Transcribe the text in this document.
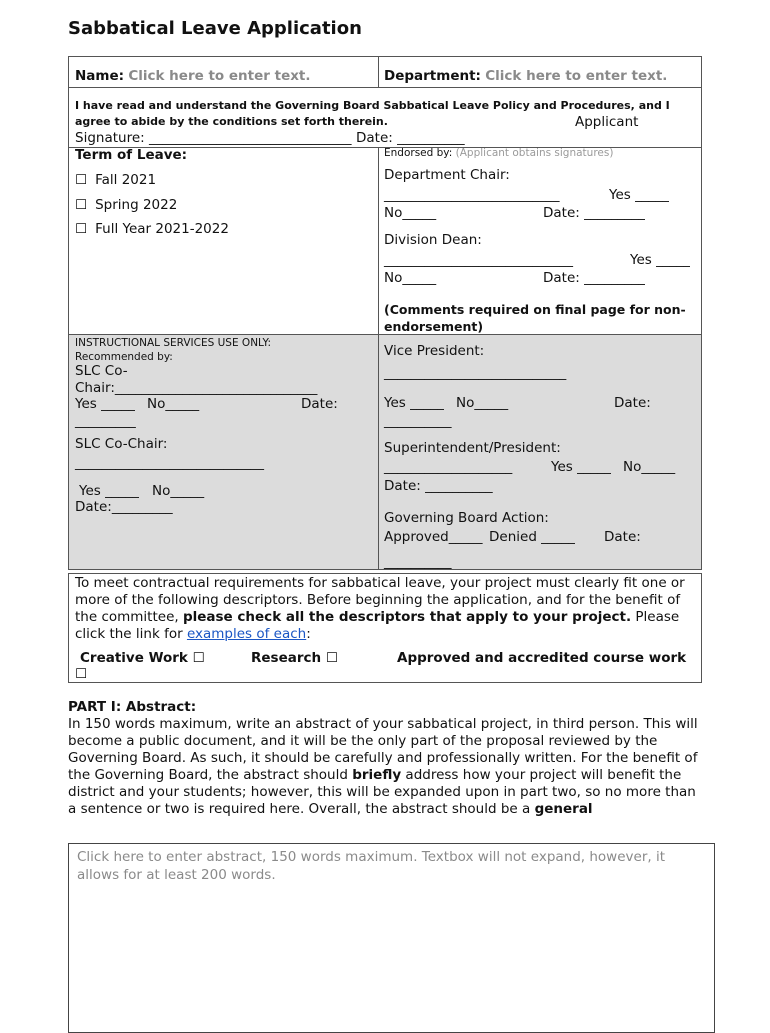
Sabbatical Leave Application
Name: Click here to enter text.	Department: Click here to enter text.
I have read and understand the Governing Board Sabbatical Leave Policy and Procedures, and I agree to abide by the conditions set forth therein.	Applicant
Signature: ______________________________ Date: __________
Term of Leave:
☐ Fall 2021
☐ Spring 2022
☐ Full Year 2021-2022
Endorsed by: (Applicant obtains signatures)
Department Chair:
__________________________	Yes _____
No_____	Date: _________
Division Dean:
____________________________	Yes _____
No_____	Date: _________
(Comments required on final page for non-endorsement)
INSTRUCTIONAL SERVICES USE ONLY:
Recommended by:
SLC Co-
Chair:______________________________
Yes _____ No_____	Date:
_________
SLC Co-Chair:
____________________________
Yes _____ No_____
Date:_________
Vice President:
___________________________
Yes _____ No_____	Date:
__________
Superintendent/President:
___________________	Yes _____ No_____
Date: __________
Governing Board Action:
Approved_____ Denied _____ Date:
__________
To meet contractual requirements for sabbatical leave, your project must clearly fit one or more of the following descriptors. Before beginning the application, and for the benefit of the committee, please check all the descriptors that apply to your project. Please click the link for examples of each:
Creative Work ☐	Research ☐	Approved and accredited course work
☐
PART I: Abstract:
In 150 words maximum, write an abstract of your sabbatical project, in third person. This will become a public document, and it will be the only part of the proposal reviewed by the Governing Board. As such, it should be carefully and professionally written. For the benefit of the Governing Board, the abstract should briefly address how your project will benefit the district and your students; however, this will be expanded upon in part two, so no more than a sentence or two is required here. Overall, the abstract should be a general
Click here to enter abstract, 150 words maximum. Textbox will not expand, however, it allows for at least 200 words.
